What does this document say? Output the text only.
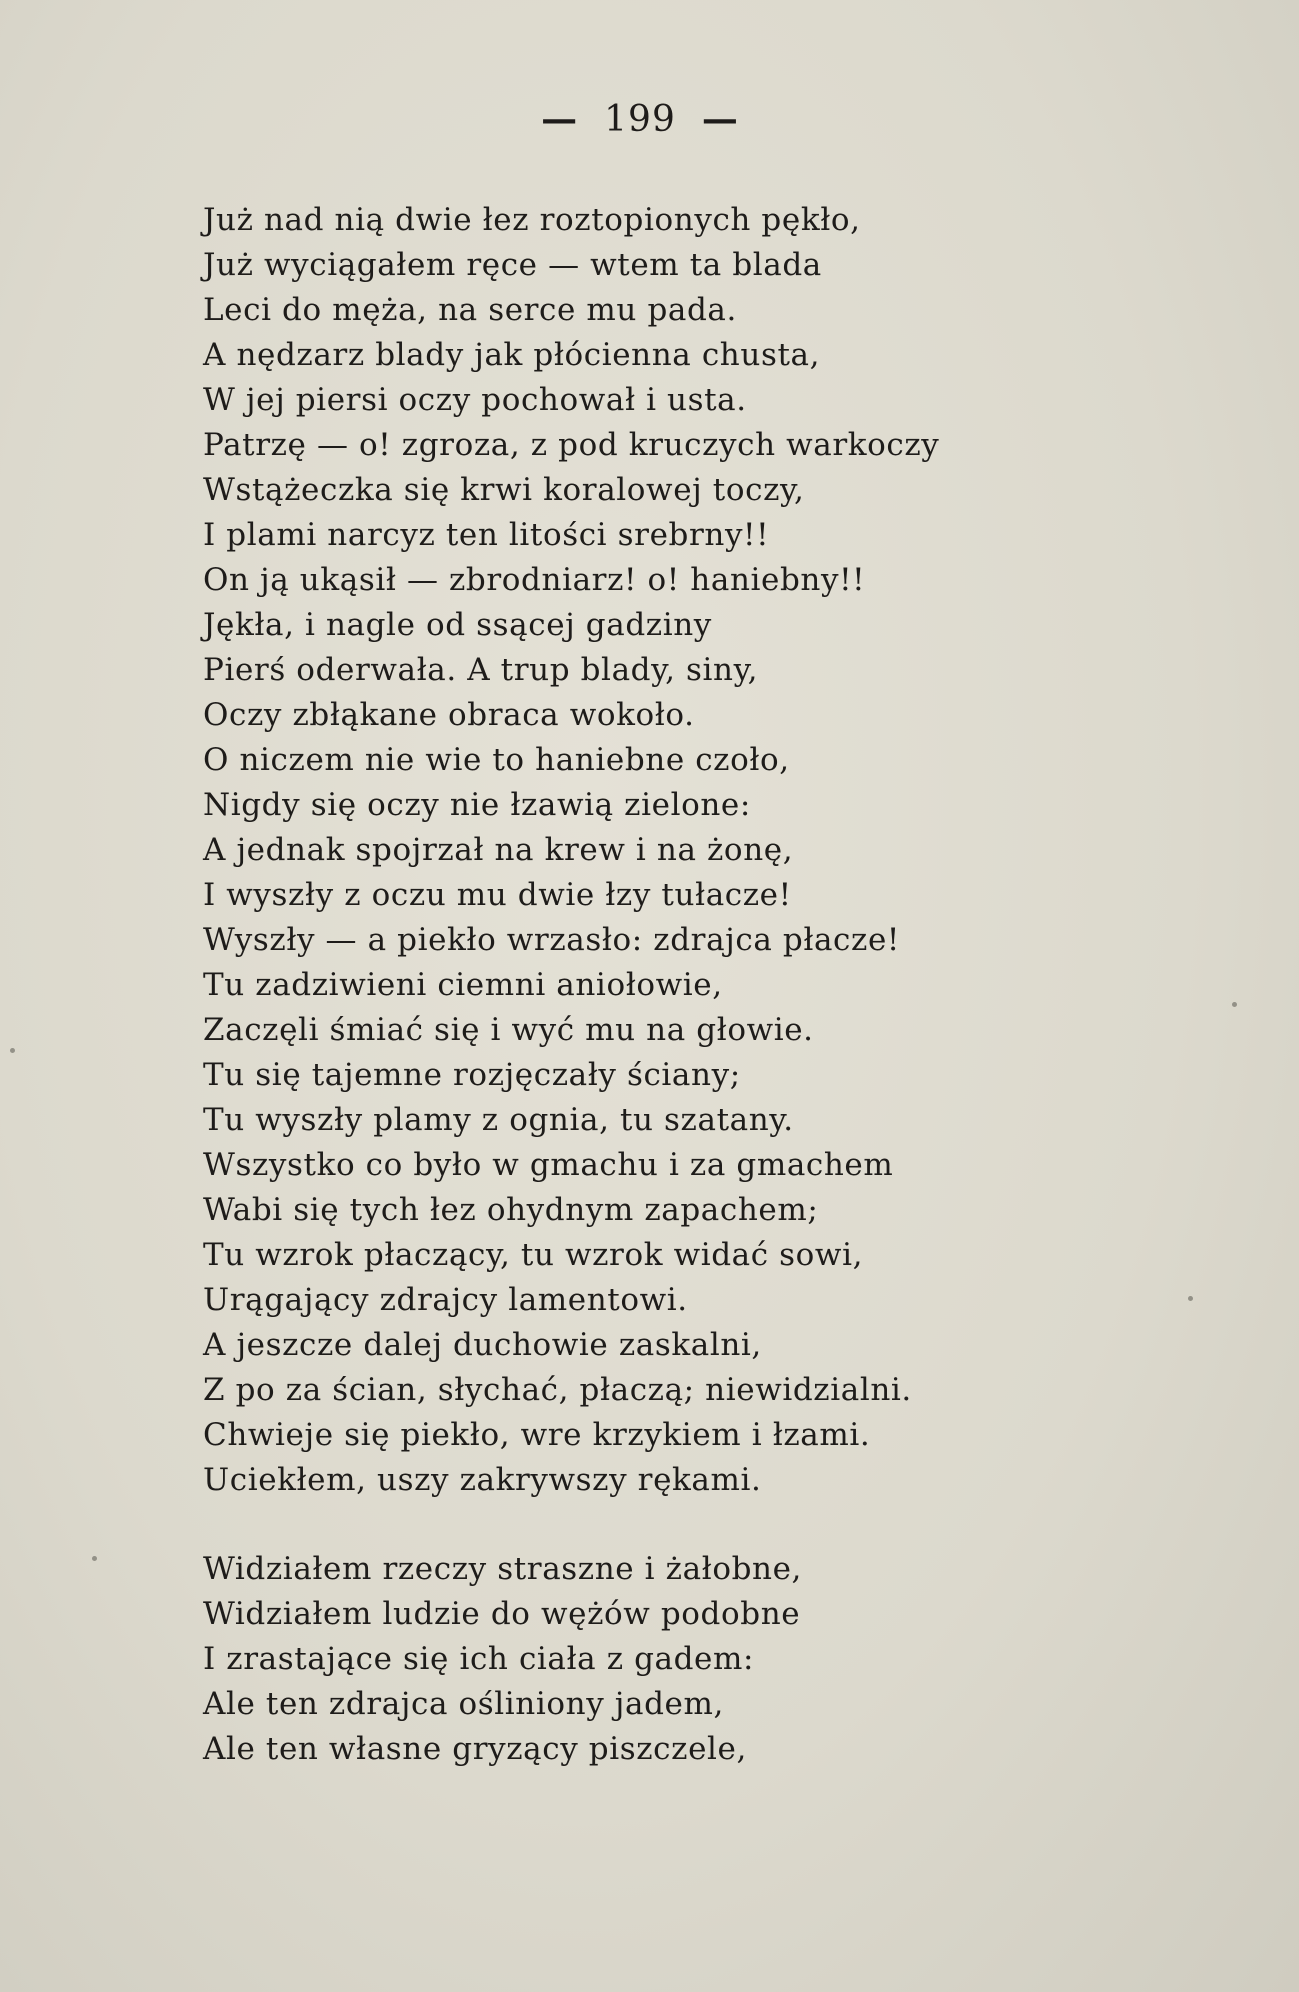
— 199 —
Już nad nią dwie łez roztopionych pękło,
Już wyciągałem ręce — wtem ta blada
Leci do męża, na serce mu pada.
A nędzarz blady jak płócienna chusta,
W jej piersi oczy pochował i usta.
Patrzę — o! zgroza, z pod kruczych warkoczy
Wstążeczka się krwi koralowej toczy,
I plami narcyz ten litości srebrny!!
On ją ukąsił — zbrodniarz! o! haniebny!!
Jękła, i nagle od ssącej gadziny
Pierś oderwała. A trup blady, siny,
Oczy zbłąkane obraca wokoło.
O niczem nie wie to haniebne czoło,
Nigdy się oczy nie łzawią zielone:
A jednak spojrzał na krew i na żonę,
I wyszły z oczu mu dwie łzy tułacze!
Wyszły — a piekło wrzasło: zdrajca płacze!
Tu zadziwieni ciemni aniołowie,
Zaczęli śmiać się i wyć mu na głowie.
Tu się tajemne rozjęczały ściany;
Tu wyszły plamy z ognia, tu szatany.
Wszystko co było w gmachu i za gmachem
Wabi się tych łez ohydnym zapachem;
Tu wzrok płaczący, tu wzrok widać sowi,
Urągający zdrajcy lamentowi.
A jeszcze dalej duchowie zaskalni,
Z po za ścian, słychać, płaczą; niewidzialni.
Chwieje się piekło, wre krzykiem i łzami.
Uciekłem, uszy zakrywszy rękami.
Widziałem rzeczy straszne i żałobne,
Widziałem ludzie do wężów podobne
I zrastające się ich ciała z gadem:
Ale ten zdrajca ośliniony jadem,
Ale ten własne gryzący piszczele,
